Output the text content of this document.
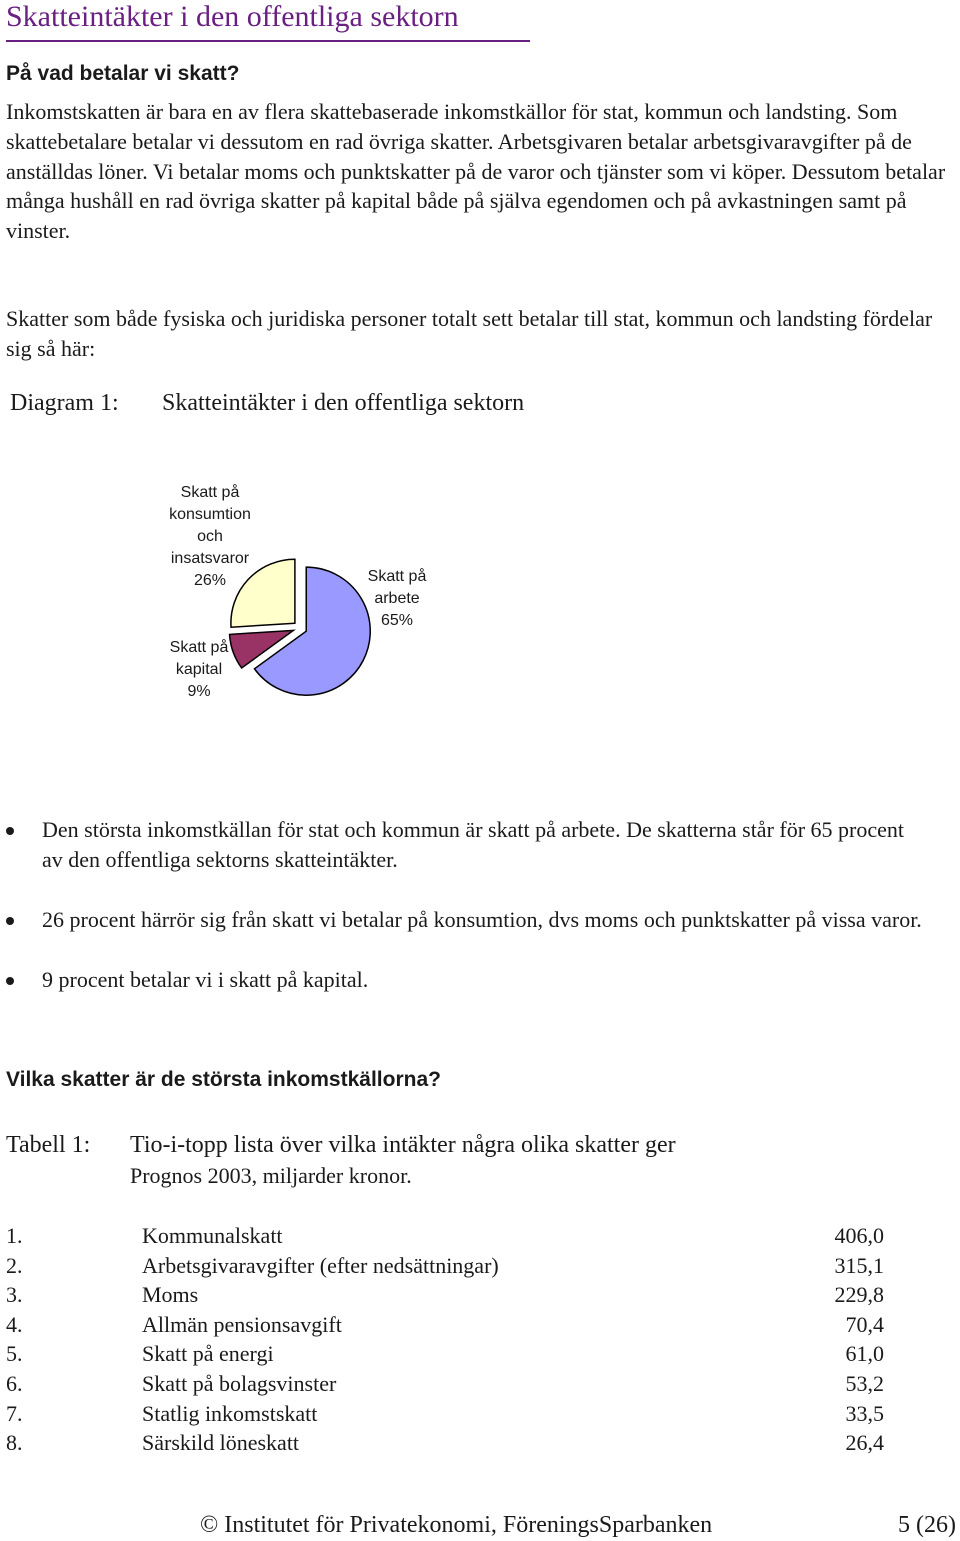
Skatteintäkter i den offentliga sektorn
På vad betalar vi skatt?

Inkomstskatten är bara en av flera skattebaserade inkomstkällor för stat, kommun och landsting. Som skattebetalare betalar vi dessutom en rad övriga skatter. Arbetsgivaren betalar arbetsgivaravgifter på de anställdas löner. Vi betalar moms och punktskatter på de varor och tjänster som vi köper. Dessutom betalar många hushåll en rad övriga skatter på kapital både på själva egendomen och på avkastningen samt på vinster.

Skatter som både fysiska och juridiska personer totalt sett betalar till stat, kommun och landsting fördelar sig så här:

Diagram 1: Skatteintäkter i den offentliga sektorn
Skatt på
konsumtion
och
insatsvaror
26%	Skatt på
arbete
65%
Skatt på
kapital
9%
Den största inkomstkällan för stat och kommun är skatt på arbete. De skatterna står för 65 procent av den offentliga sektorns skatteintäkter.
26 procent härrör sig från skatt vi betalar på konsumtion, dvs moms och punktskatter på vissa varor.
9 procent betalar vi i skatt på kapital.
Vilka skatter är de största inkomstkällorna?
Tabell 1: Tio-i-topp lista över vilka intäkter några olika skatter ger
Prognos 2003, miljarder kronor.
1.	Kommunalskatt	406,0
2.	Arbetsgivaravgifter (efter nedsättningar)	315,1
3.	Moms	229,8
4.	Allmän pensionsavgift	70,4
5.	Skatt på energi	61,0
6.	Skatt på bolagsvinster	53,2
7.	Statlig inkomstskatt	33,5
8.	Särskild löneskatt	26,4
© Institutet för Privatekonomi, FöreningsSparbanken	5 (26)
